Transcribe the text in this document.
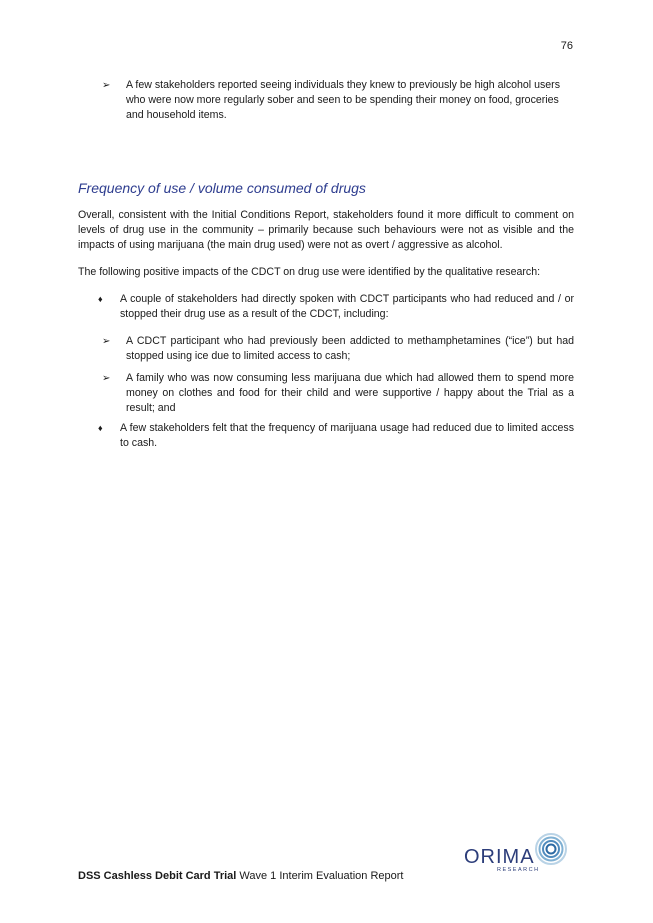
76
➢	A few stakeholders reported seeing individuals they knew to previously be high alcohol users who were now more regularly sober and seen to be spending their money on food, groceries and household items.
Frequency of use / volume consumed of drugs

Overall, consistent with the Initial Conditions Report, stakeholders found it more difficult to comment on levels of drug use in the community – primarily because such behaviours were not as visible and the impacts of using marijuana (the main drug used) were not as overt / aggressive as alcohol.

The following positive impacts of the CDCT on drug use were identified by the qualitative research:

♦	A couple of stakeholders had directly spoken with CDCT participants who had reduced and / or stopped their drug use as a result of the CDCT, including:
➢	A CDCT participant who had previously been addicted to methamphetamines (“ice”) but had stopped using ice due to limited access to cash;
➢	A family who was now consuming less marijuana due which had allowed them to spend more money on clothes and food for their child and were supportive / happy about the Trial as a result; and
♦	A few stakeholders felt that the frequency of marijuana usage had reduced due to limited access to cash.
ORIMA
RESEARCH
DSS Cashless Debit Card Trial Wave 1 Interim Evaluation Report
